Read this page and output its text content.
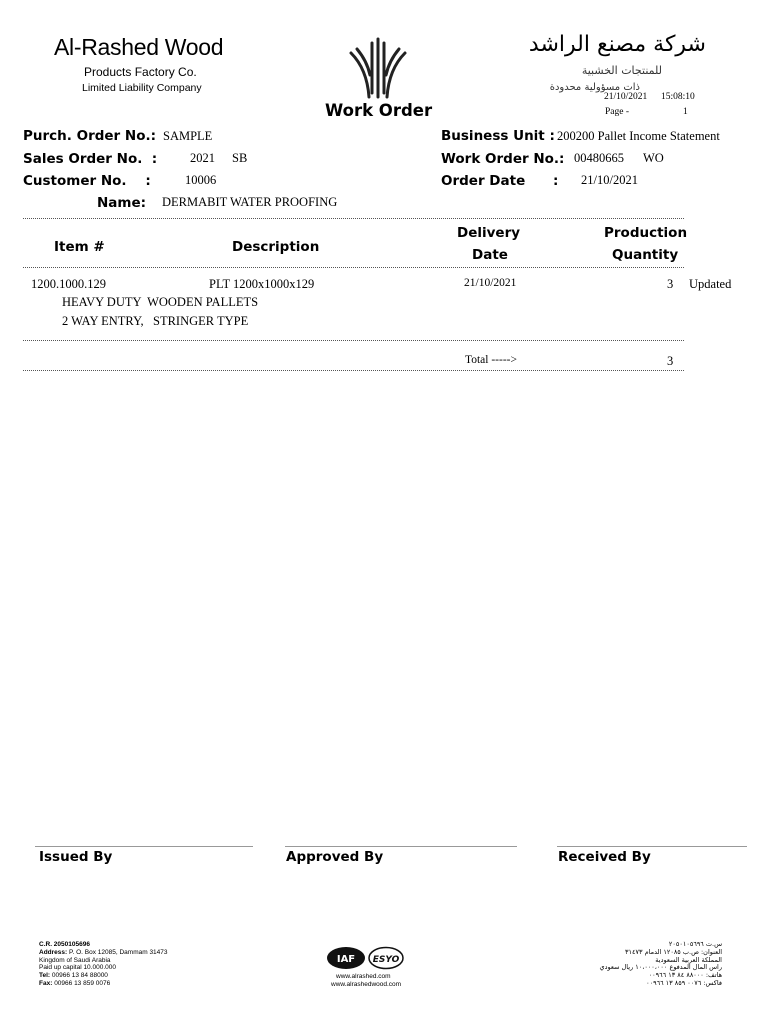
Al-Rashed Wood
Products Factory Co.
Limited Liability Company
Work Order
شركة مصنع الراشد
للمنتجات الخشبية
ذات مسؤولية محدودة
21/10/2021 15:08:10
Page -	1
Purch. Order No.: SAMPLE
Sales Order No.  :	2021 SB
Customer No.    :	10006
Name: DERMABIT WATER PROOFING
Business Unit : 200200 Pallet Income Statement
Work Order No.: 00480665 WO
Order Date : 21/10/2021
Item #	Description
Delivery
Date
Production
Quantity
1200.1000.129	PLT 1200x1000x129	21/10/2021	3 Updated
HEAVY DUTY  WOODEN PALLETS
2 WAY ENTRY,   STRINGER TYPE
Total ----->	3
Issued By	Approved By	Received By
C.R. 2050105696
Address: P. O. Box 12085, Dammam 31473
Kingdom of Saudi Arabia
Paid up capital 10.000.000
Tel: 00966 13 84 88000
Fax: 00966 13 859 0076
IAF ESYO
www.alrashed.com
www.alrashedwood.com
س.ت ٢٠٥٠١٠٥٦٩٦
العنوان: ص.ب ١٢٠٨٥ الدمام ٣١٤٧٣
المملكة العربية السعودية
راس المال المدفوع ١٠،٠٠٠،٠٠٠ ريال سعودي
هاتف: ٨٨٠٠٠ ٨٤ ١٣ ٠٠٩٦٦
فاكس: ٠٠٧٦ ٨٥٩ ١٣ ٠٠٩٦٦
